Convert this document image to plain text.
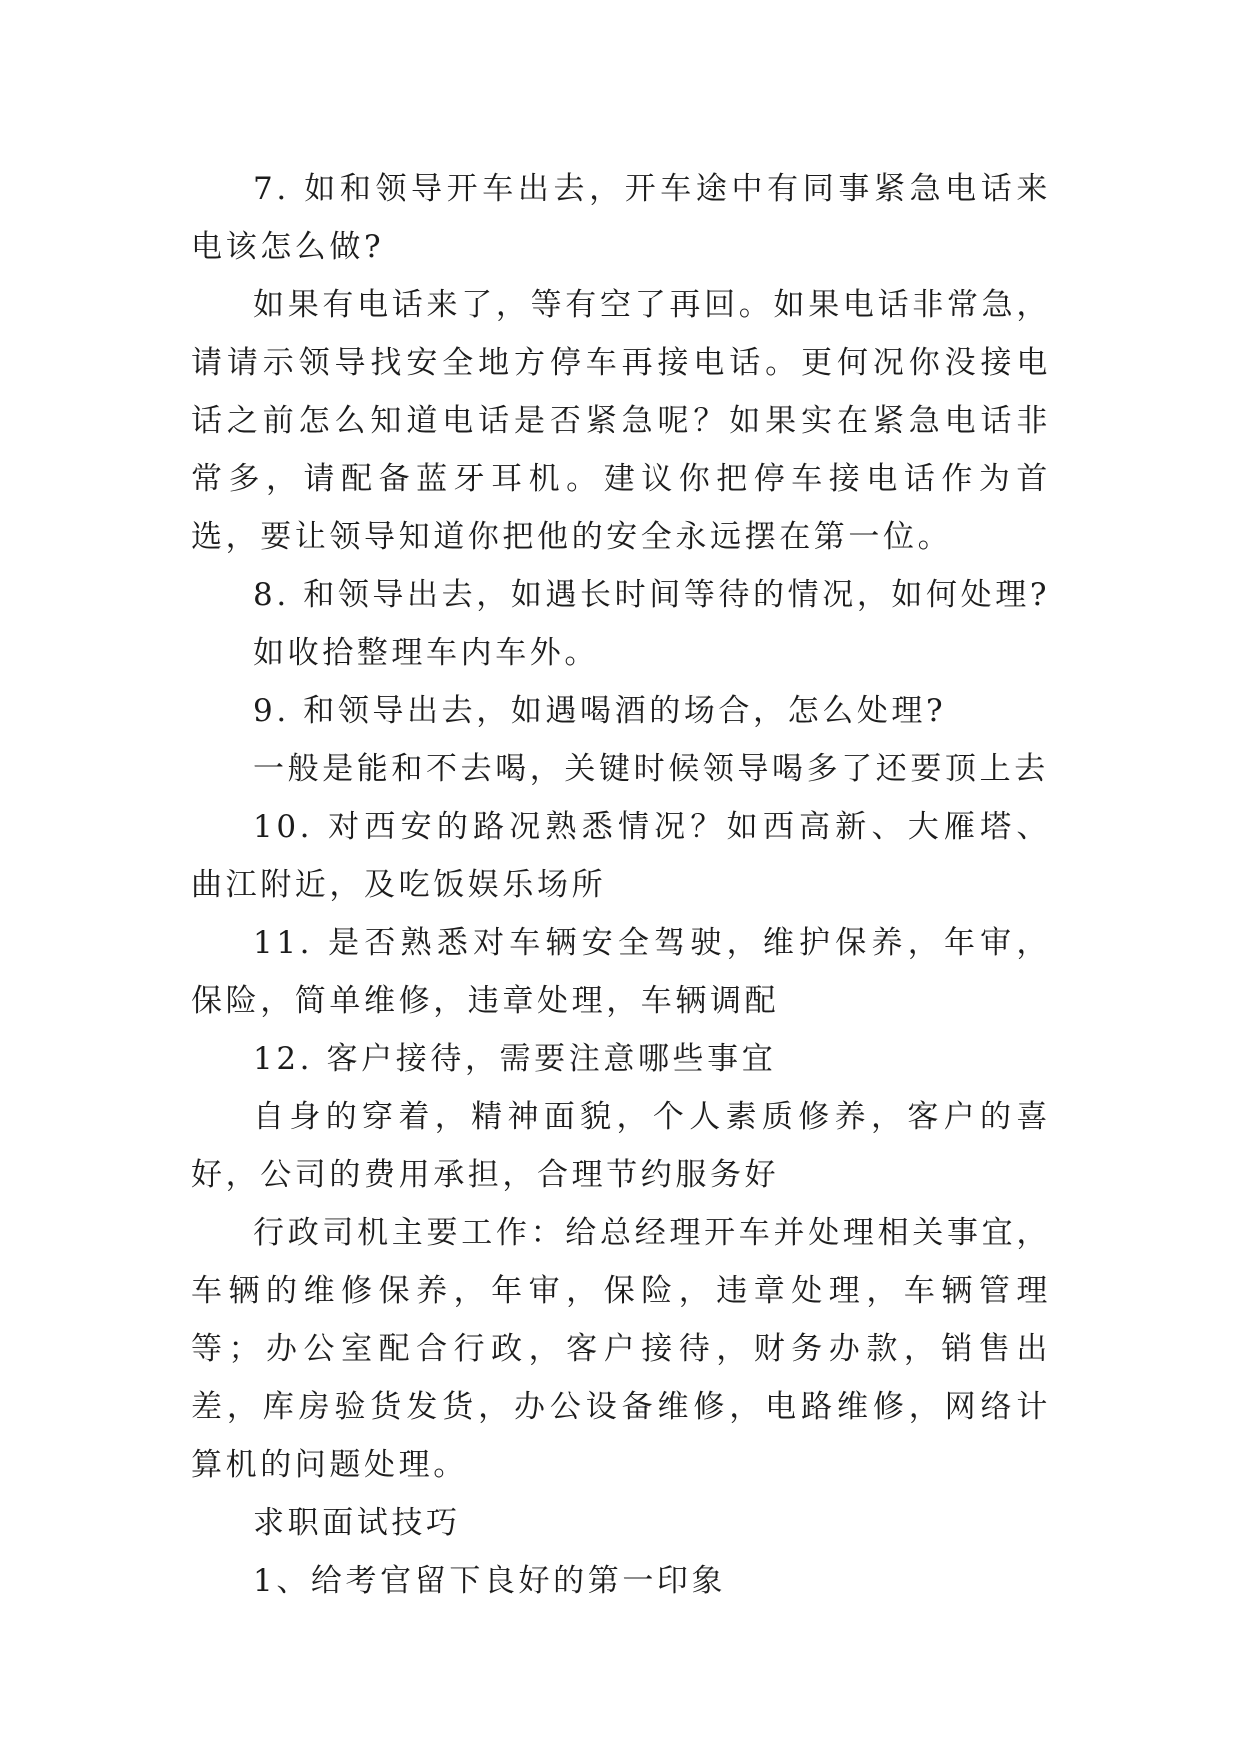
7. 如和领导开车出去，开车途中有同事紧急电话来电该怎么做?

如果有电话来了，等有空了再回。如果电话非常急，请请示领导找安全地方停车再接电话。更何况你没接电话之前怎么知道电话是否紧急呢？如果实在紧急电话非常多，请配备蓝牙耳机。建议你把停车接电话作为首选，要让领导知道你把他的安全永远摆在第一位。

8. 和领导出去，如遇长时间等待的情况，如何处理?

如收拾整理车内车外。

9. 和领导出去，如遇喝酒的场合，怎么处理?

一般是能和不去喝，关键时候领导喝多了还要顶上去

10. 对西安的路况熟悉情况？如西高新、大雁塔、曲江附近，及吃饭娱乐场所

11. 是否熟悉对车辆安全驾驶，维护保养，年审，保险，简单维修，违章处理，车辆调配

12. 客户接待，需要注意哪些事宜

自身的穿着，精神面貌，个人素质修养，客户的喜好，公司的费用承担，合理节约服务好

行政司机主要工作：给总经理开车并处理相关事宜，车辆的维修保养，年审，保险，违章处理，车辆管理等；办公室配合行政，客户接待，财务办款，销售出差，库房验货发货，办公设备维修，电路维修，网络计算机的问题处理。

求职面试技巧

1、给考官留下良好的第一印象
